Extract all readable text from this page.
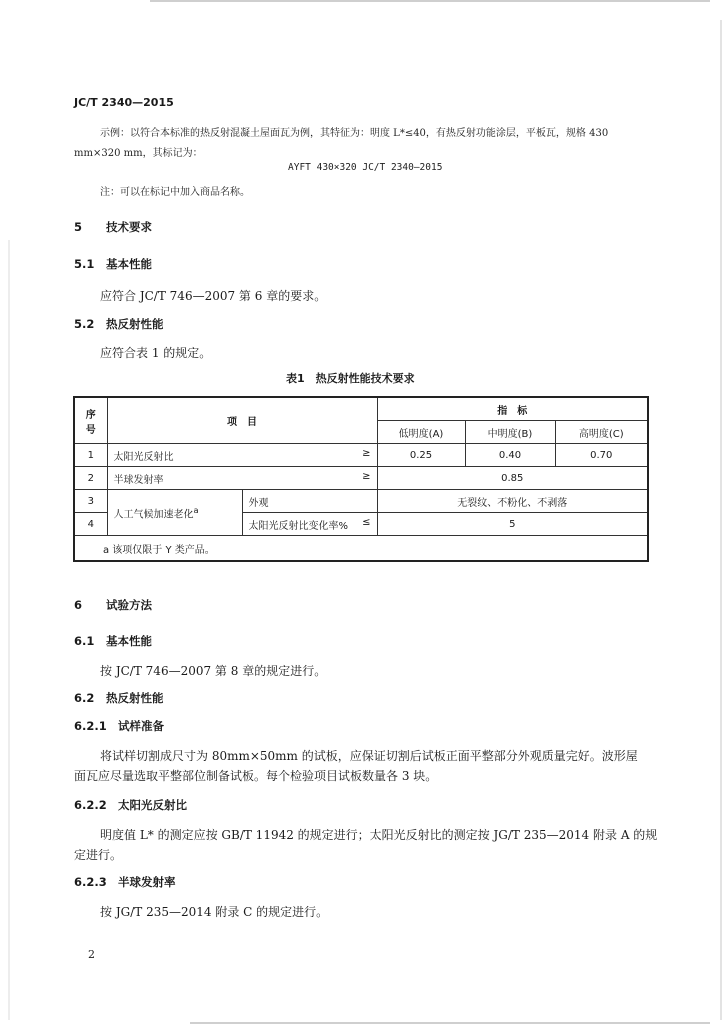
JC/T 2340—2015
示例：以符合本标准的热反射混凝土屋面瓦为例，其特征为：明度 L*≤40，有热反射功能涂层，平板瓦，规格 430
mm×320 mm，其标记为：
AYFT 430×320 JC/T 2340—2015
注：可以在标记中加入商品名称。
5 技术要求
5.1 基本性能
应符合 JC/T 746—2007 第 6 章的要求。
5.2 热反射性能
应符合表 1 的规定。
表1　热反射性能技术要求
序号	项　目		指　标		
			低明度(A)	中明度(B)	高明度(C)
1	太阳光反射比 ≥		0.25	0.40	0.70
2	半球发射率 ≥		0.85		
3	人工气候加速老化$^a$	外观	无裂纹、不粉化、不剥落		
4		太阳光反射比变化率% ≤	5		
a 该项仅限于 Y 类产品。					
6 试验方法
6.1 基本性能
按 JC/T 746—2007 第 8 章的规定进行。
6.2 热反射性能
6.2.1 试样准备
将试样切割成尺寸为 80mm×50mm 的试板，应保证切割后试板正面平整部分外观质量完好。波形屋
面瓦应尽量选取平整部位制备试板。每个检验项目试板数量各 3 块。
6.2.2 太阳光反射比
明度值 L* 的测定应按 GB/T 11942 的规定进行；太阳光反射比的测定按 JG/T 235—2014 附录 A 的规
定进行。
6.2.3 半球发射率
按 JG/T 235—2014 附录 C 的规定进行。
2
